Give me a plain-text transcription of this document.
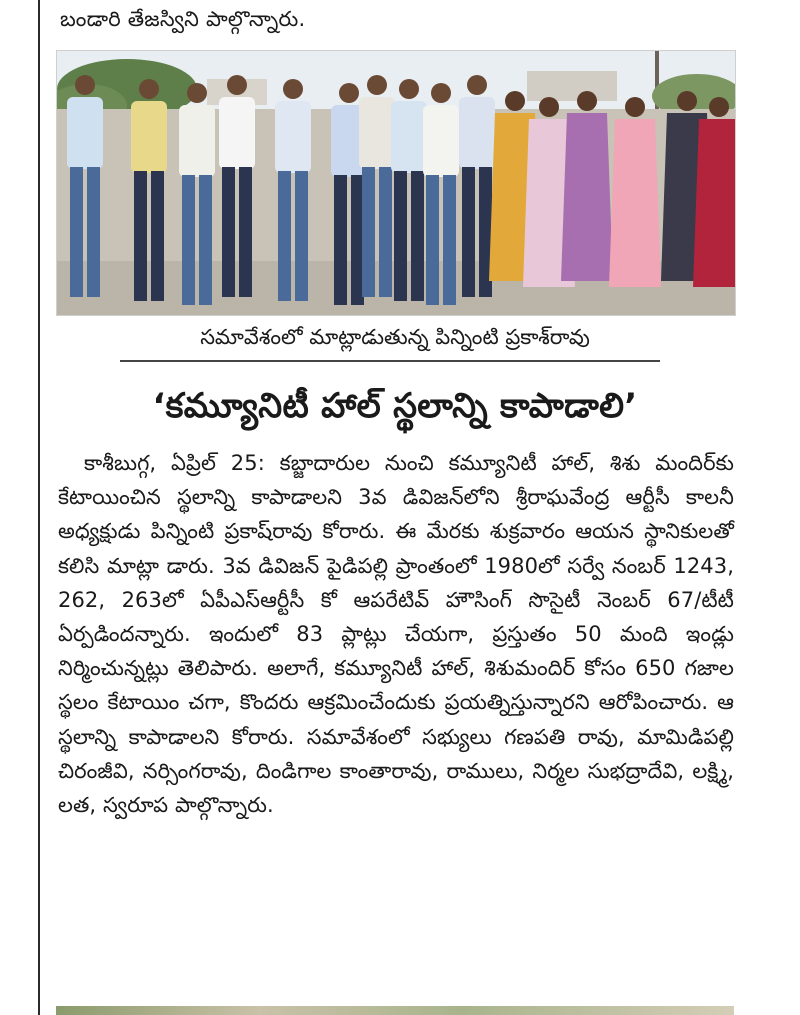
బండారి తేజస్విని పాల్గొన్నారు.
సమావేశంలో మాట్లాడుతున్న పిన్నింటి ప్రకాశ్‌రావు
‘కమ్యూనిటీ హాల్ స్థలాన్ని కాపాడాలి’
కాశీబుగ్గ, ఏప్రిల్ 25: కబ్జాదారుల నుంచి కమ్యూనిటీ హాల్, శిశు మందిర్‌కు కేటాయించిన స్థలాన్ని కాపాడాలని 3వ డివిజన్‌లోని శ్రీరాఘవేంద్ర ఆర్టీసీ కాలనీ అధ్యక్షుడు పిన్నింటి ప్రకాష్‌రావు కోరారు. ఈ మేరకు శుక్రవారం ఆయన స్థానికులతో కలిసి మాట్లా డారు. 3వ డివిజన్ పైడిపల్లి ప్రాంతంలో 1980లో సర్వే నంబర్ 1243, 262, 263లో ఏపీఎస్ఆర్టీసీ కో ఆపరేటివ్ హౌసింగ్ సొసైటీ నెంబర్ 67/టీటీ ఏర్పడిందన్నారు. ఇందులో 83 ప్లాట్లు చేయగా, ప్రస్తుతం 50 మంది ఇండ్లు నిర్మించున్నట్లు తెలిపారు. అలాగే, కమ్యూనిటీ హాల్, శిశుమందిర్ కోసం 650 గజాల స్థలం కేటాయిం చగా, కొందరు ఆక్రమించేందుకు ప్రయత్నిస్తున్నారని ఆరోపించారు. ఆ స్థలాన్ని కాపాడాలని కోరారు. సమావేశంలో సభ్యులు గణపతి రావు, మామిడిపల్లి చిరంజీవి, నర్సింగరావు, దిండిగాల కాంతారావు, రాములు, నిర్మల సుభద్రాదేవి, లక్ష్మి, లత, స్వరూప పాల్గొన్నారు.
